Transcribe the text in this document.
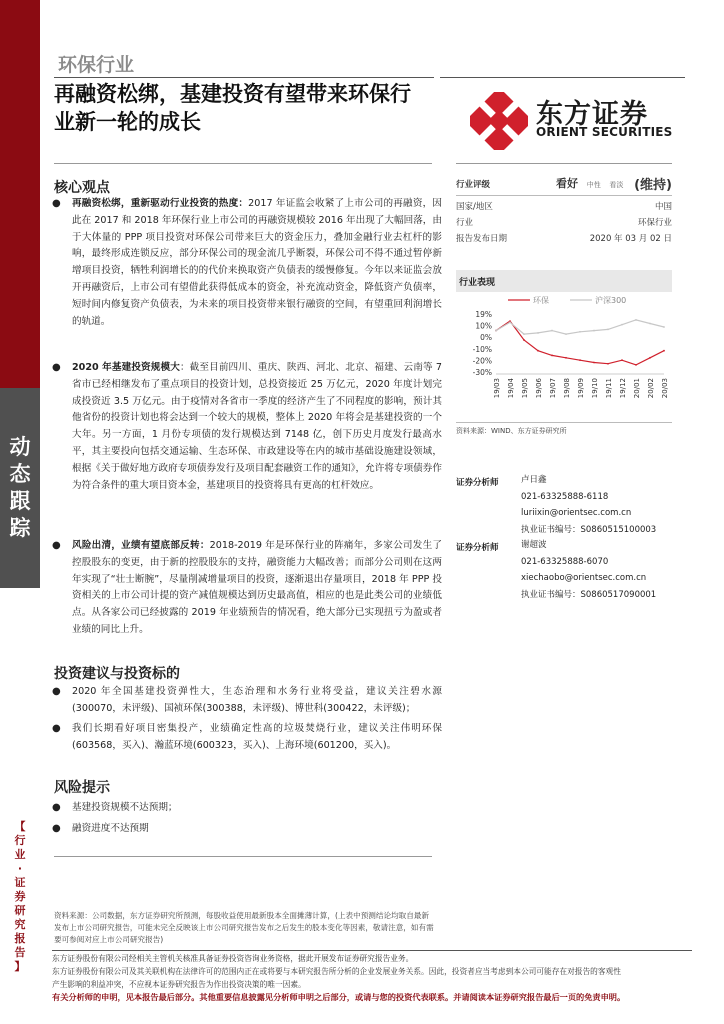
动
态
跟
踪
【
行
业
·
证
券
研
究
报
告
】
环保行业
再融资松绑，基建投资有望带来环保行
业新一轮的成长	东方证券
ORIENT SECURITIES
核心观点
● 再融资松绑，重新驱动行业投资的热度：2017 年证监会收紧了上市公司的再融资，因此在 2017 和 2018 年环保行业上市公司的再融资规模较 2016 年出现了大幅回落，由于大体量的 PPP 项目投资对环保公司带来巨大的资金压力，叠加金融行业去杠杆的影响，最终形成连锁反应，部分环保公司的现金流几乎断裂，环保公司不得不通过暂停新增项目投资，牺牲利润增长的的代价来换取资产负债表的缓慢修复。今年以来证监会放开再融资后，上市公司有望借此获得低成本的资金，补充流动资金，降低资产负债率，短时间内修复资产负债表，为未来的项目投资带来银行融资的空间，有望重回利润增长的轨道。
● 2020 年基建投资规模大：截至目前四川、重庆、陕西、河北、北京、福建、云南等 7 省市已经相继发布了重点项目的投资计划，总投资接近 25 万亿元，2020 年度计划完成投资近 3.5 万亿元。由于疫情对各省市一季度的经济产生了不同程度的影响，预计其他省份的投资计划也将会达到一个较大的规模，整体上 2020 年将会是基建投资的一个大年。另一方面，1 月份专项债的发行规模达到 7148 亿，创下历史月度发行最高水平，其主要投向包括交通运输、生态环保、市政建设等在内的城市基础设施建设领域，根据《关于做好地方政府专项债券发行及项目配套融资工作的通知》，允许将专项债券作为符合条件的重大项目资本金，基建项目的投资将具有更高的杠杆效应。
● 风险出清，业绩有望底部反转：2018-2019 年是环保行业的阵痛年，多家公司发生了控股股东的变更，由于新的控股股东的支持，融资能力大幅改善；而部分公司则在这两年实现了“壮士断腕”，尽量削减增量项目的投资，逐渐退出存量项目，2018 年 PPP 投资相关的上市公司计提的资产减值规模达到历史最高值，相应的也是此类公司的业绩低点。从各家公司已经披露的 2019 年业绩预告的情况看，绝大部分已实现扭亏为盈或者业绩的同比上升。
投资建议与投资标的
● 2020 年全国基建投资弹性大，生态治理和水务行业将受益，建议关注碧水源(300070，未评级)、国祯环保(300388，未评级)、博世科(300422，未评级)；
● 我们长期看好项目密集投产，业绩确定性高的垃圾焚烧行业，建议关注伟明环保(603568，买入)、瀚蓝环境(600323，买入)、上海环境(601200，买入)。
风险提示
● 基建投资规模不达预期；
● 融资进度不达预期
行业评级	看好 中性 看淡 (维持)
国家/地区	中国
行业	环保行业
报告发布日期	2020 年 03 月 02 日
行业表现
环保	沪深300
19%
10%
0%
-10%
-20%
-30%
19/03 19/04 19/05 19/06 19/07 19/08 19/09 19/10 19/11 19/12 20/01 20/02 20/03
资料来源：WIND、东方证券研究所
证券分析师	卢日鑫
021-63325888-6118
luriixin@orientsec.com.cn
执业证书编号：S0860515100003
证券分析师	谢超波
021-63325888-6070
xiechaobo@orientsec.com.cn
执业证书编号：S0860517090001
资料来源：公司数据，东方证券研究所预测，每股收益使用最新股本全面摊薄计算，(上表中预测结论均取自最新
发布上市公司研究报告，可能未完全反映该上市公司研究报告发布之后发生的股本变化等因素，敬请注意，如有需
要可参阅对应上市公司研究报告)
东方证券股份有限公司经相关主管机关核准具备证券投资咨询业务资格，据此开展发布证券研究报告业务。
东方证券股份有限公司及其关联机构在法律许可的范围内正在或将要与本研究报告所分析的企业发展业务关系。因此，投资者应当考虑到本公司可能存在对报告的客观性
产生影响的利益冲突，不应视本证券研究报告为作出投资决策的唯一因素。
有关分析师的申明，见本报告最后部分。其他重要信息披露见分析师申明之后部分，或请与您的投资代表联系。并请阅读本证券研究报告最后一页的免责申明。
